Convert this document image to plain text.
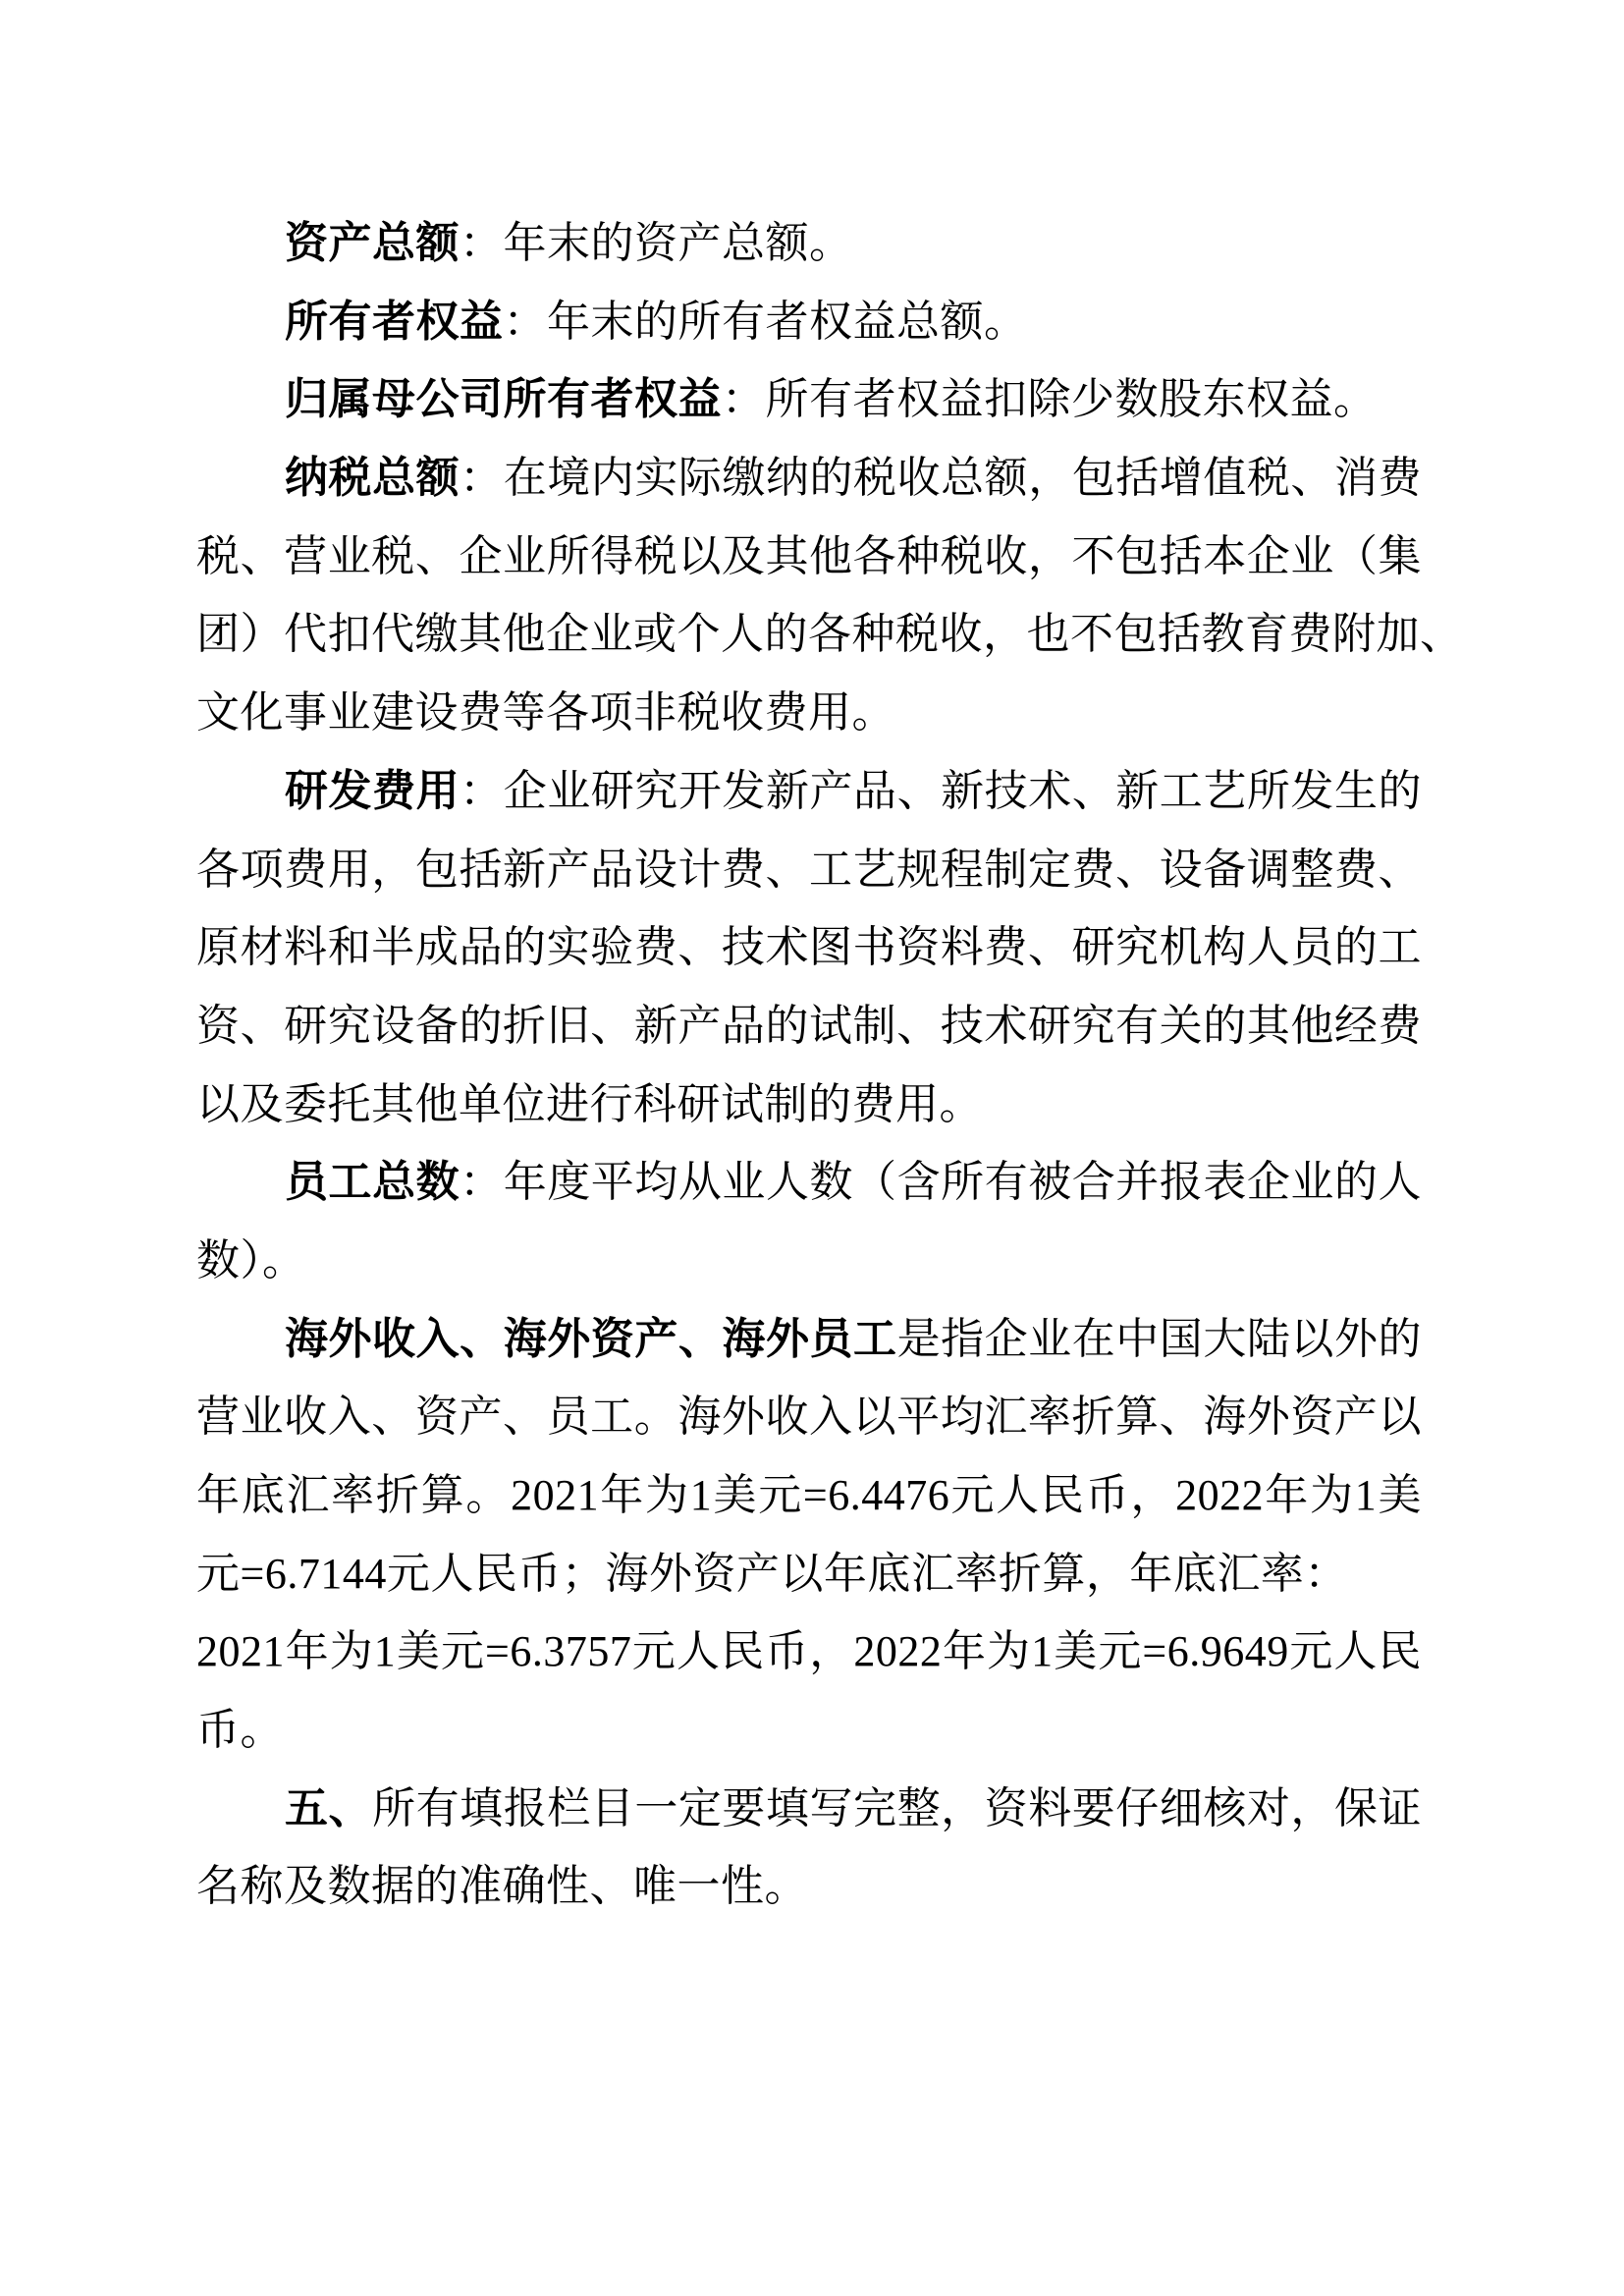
资产总额：年末的资产总额。
所有者权益：年末的所有者权益总额。
归属母公司所有者权益：所有者权益扣除少数股东权益。
纳税总额：在境内实际缴纳的税收总额，包括增值税、消费
税、营业税、企业所得税以及其他各种税收，不包括本企业（集
团）代扣代缴其他企业或个人的各种税收，也不包括教育费附加、
文化事业建设费等各项非税收费用。
研发费用：企业研究开发新产品、新技术、新工艺所发生的
各项费用，包括新产品设计费、工艺规程制定费、设备调整费、
原材料和半成品的实验费、技术图书资料费、研究机构人员的工
资、研究设备的折旧、新产品的试制、技术研究有关的其他经费
以及委托其他单位进行科研试制的费用。
员工总数：年度平均从业人数（含所有被合并报表企业的人
数）。
海外收入、海外资产、海外员工是指企业在中国大陆以外的
营业收入、资产、员工。海外收入以平均汇率折算、海外资产以
年底汇率折算。2021年为1美元=6.4476元人民币，2022年为1美
元=6.7144元人民币；海外资产以年底汇率折算，年底汇率：
2021年为1美元=6.3757元人民币，2022年为1美元=6.9649元人民
币。
五、所有填报栏目一定要填写完整，资料要仔细核对，保证
名称及数据的准确性、唯一性。
